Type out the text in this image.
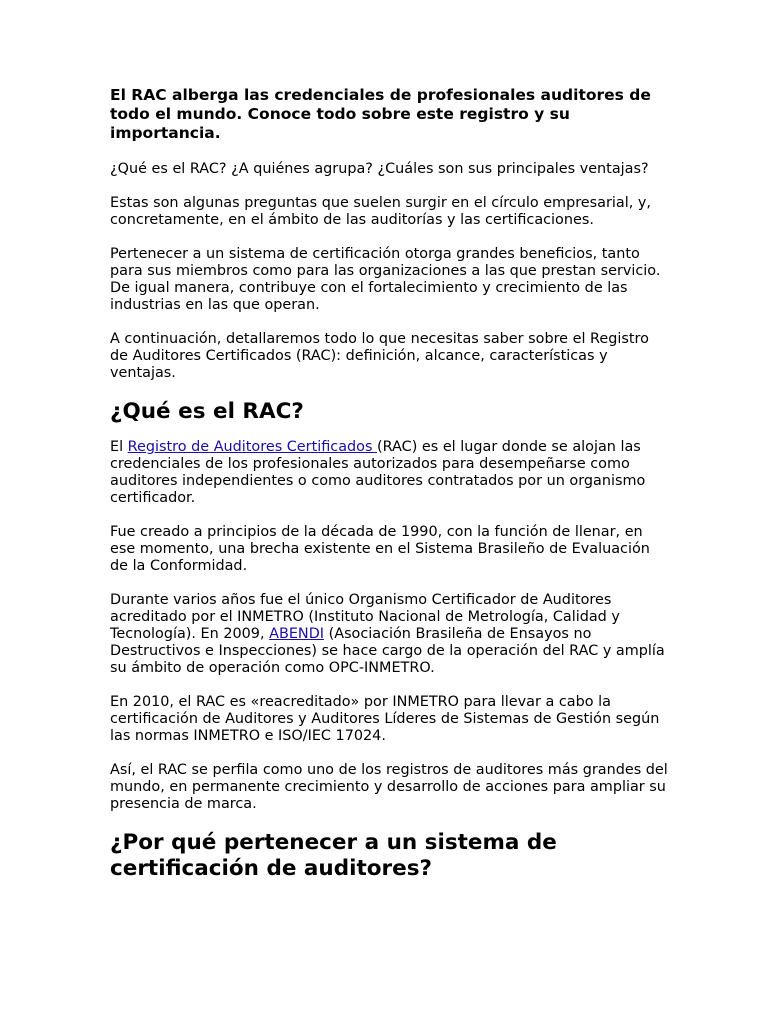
El RAC alberga las credenciales de profesionales auditores de todo el mundo. Conoce todo sobre este registro y su importancia.

¿Qué es el RAC? ¿A quiénes agrupa? ¿Cuáles son sus principales ventajas?

Estas son algunas preguntas que suelen surgir en el círculo empresarial, y, concretamente, en el ámbito de las auditorías y las certificaciones.

Pertenecer a un sistema de certificación otorga grandes beneficios, tanto para sus miembros como para las organizaciones a las que prestan servicio. De igual manera, contribuye con el fortalecimiento y crecimiento de las industrias en las que operan.

A continuación, detallaremos todo lo que necesitas saber sobre el Registro de Auditores Certificados (RAC): definición, alcance, características y ventajas.

¿Qué es el RAC?

El Registro de Auditores Certificados (RAC) es el lugar donde se alojan las credenciales de los profesionales autorizados para desempeñarse como auditores independientes o como auditores contratados por un organismo certificador.

Fue creado a principios de la década de 1990, con la función de llenar, en ese momento, una brecha existente en el Sistema Brasileño de Evaluación de la Conformidad.

Durante varios años fue el único Organismo Certificador de Auditores acreditado por el INMETRO (Instituto Nacional de Metrología, Calidad y Tecnología). En 2009, ABENDI (Asociación Brasileña de Ensayos no Destructivos e Inspecciones) se hace cargo de la operación del RAC y amplía su ámbito de operación como OPC-INMETRO.

En 2010, el RAC es «reacreditado» por INMETRO para llevar a cabo la certificación de Auditores y Auditores Líderes de Sistemas de Gestión según las normas INMETRO e ISO/IEC 17024.

Así, el RAC se perfila como uno de los registros de auditores más grandes del mundo, en permanente crecimiento y desarrollo de acciones para ampliar su presencia de marca.

¿Por qué pertenecer a un sistema de certificación de auditores?
